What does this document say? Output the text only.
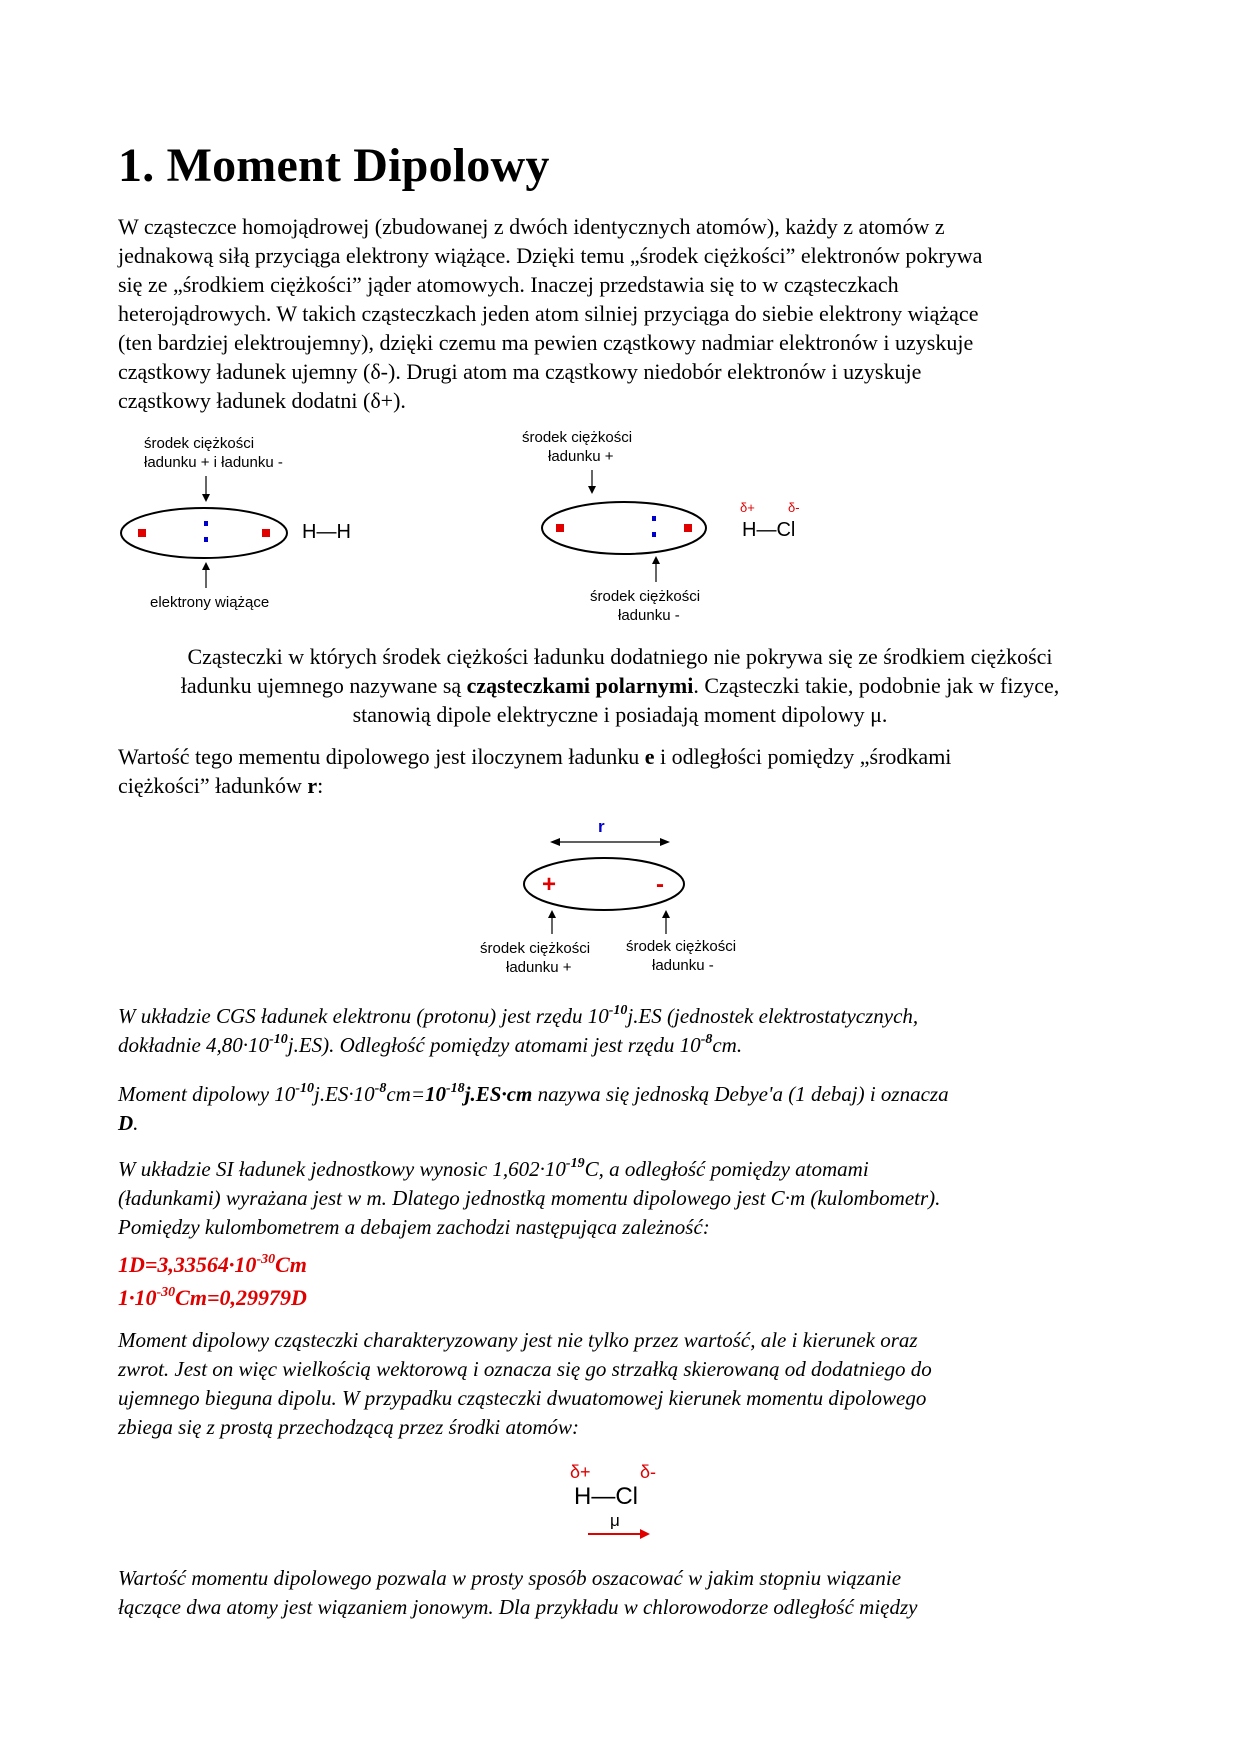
1. Moment Dipolowy

W cząsteczce homojądrowej (zbudowanej z dwóch identycznych atomów), każdy z atomów z
jednakową siłą przyciąga elektrony wiążące. Dzięki temu „środek ciężkości” elektronów pokrywa
się ze „środkiem ciężkości” jąder atomowych. Inaczej przedstawia się to w cząsteczkach
heterojądrowych. W takich cząsteczkach jeden atom silniej przyciąga do siebie elektrony wiążące
(ten bardziej elektroujemny), dzięki czemu ma pewien cząstkowy nadmiar elektronów i uzyskuje
cząstkowy ładunek ujemny (δ-). Drugi atom ma cząstkowy niedobór elektronów i uzyskuje
cząstkowy ładunek dodatni (δ+).

środek ciężkości
ładunku + i ładunku -
H—H
elektrony wiążące
środek ciężkości
ładunku +
δ+	δ-
H—Cl
środek ciężkości
ładunku -
r
+	-
środek ciężkości
ładunku +
środek ciężkości
ładunku -
δ+	δ-
H—Cl
μ

Cząsteczki w których środek ciężkości ładunku dodatniego nie pokrywa się ze środkiem ciężkości
ładunku ujemnego nazywane są cząsteczkami polarnymi. Cząsteczki takie, podobnie jak w fizyce,
stanowią dipole elektryczne i posiadają moment dipolowy μ.

Wartość tego mementu dipolowego jest iloczynem ładunku e i odległości pomiędzy „środkami
ciężkości” ładunków r:

W układzie CGS ładunek elektronu (protonu) jest rzędu $10^{-10}j.ES$ (jednostek elektrostatycznych,
dokładnie $4,80\cdot 10^{-10}j.ES$). Odległość pomiędzy atomami jest rzędu $10^{-8}cm$.

Moment dipolowy $10^{-10}j.ES\cdot 10^{-8}cm=10^{-18}j.ES\cdot cm$ nazywa się jednoską Debye'a (1 debaj) i oznacza
D.

W układzie SI ładunek jednostkowy wynosic $1,602\cdot 10^{-19}C$, a odległość pomiędzy atomami
(ładunkami) wyrażana jest w m. Dlatego jednostką momentu dipolowego jest C·m (kulombometr).
Pomiędzy kulombometrem a debajem zachodzi następująca zależność:

$1D=3,33564\cdot 10^{-30}Cm$

$1\cdot 10^{-30}Cm=0,29979D$

Moment dipolowy cząsteczki charakteryzowany jest nie tylko przez wartość, ale i kierunek oraz
zwrot. Jest on więc wielkością wektorową i oznacza się go strzałką skierowaną od dodatniego do
ujemnego bieguna dipolu. W przypadku cząsteczki dwuatomowej kierunek momentu dipolowego
zbiega się z prostą przechodzącą przez środki atomów:

Wartość momentu dipolowego pozwala w prosty sposób oszacować w jakim stopniu wiązanie
łączące dwa atomy jest wiązaniem jonowym. Dla przykładu w chlorowodorze odległość między
